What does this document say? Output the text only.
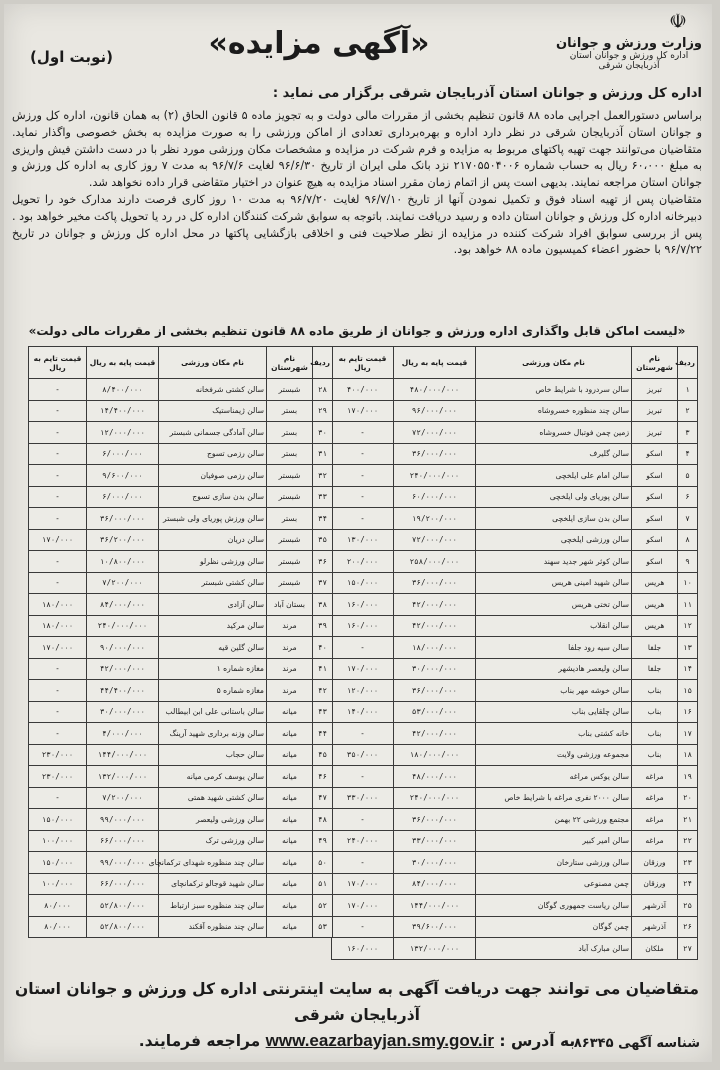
☫
وزارت ورزش و جوانان
اداره کل ورزش و جوانان استان آذربایجان شرقی
«آگهی مزایده»
(نوبت اول)
اداره کل ورزش و جوانان استان آذربایجان شرقی برگزار می نماید :
براساس دستورالعمل اجرایی ماده ۸۸ قانون تنظیم بخشی از مقررات مالی دولت و به تجویز ماده ۵ قانون الحاق (۲) به همان قانون، اداره کل ورزش و جوانان استان آذربایجان شرقی در نظر دارد اداره و بهره‌برداری تعدادی از اماکن ورزشی را به صورت مزایده به بخش خصوصی واگذار نماید. متقاضیان می‌توانند جهت تهیه پاکتهای مربوط به مزایده و فرم شرکت در مزایده و مشخصات مکان ورزشی مورد نظر با در دست داشتن فیش واریزی به مبلغ ۶۰،۰۰۰ ریال به حساب شماره ۲۱۷۰۵۵۰۴۰۰۶ نزد بانک ملی ایران از تاریخ ۹۶/۶/۳۰ لغایت ۹۶/۷/۶ به مدت ۷ روز کاری به اداره کل ورزش و جوانان استان مراجعه نمایند. بدیهی است پس از اتمام زمان مقرر اسناد مزایده به هیچ عنوان در اختیار متقاضی قرار داده نخواهد شد.
متقاضیان پس از تهیه اسناد فوق و تکمیل نمودن آنها از تاریخ ۹۶/۷/۱۰ لغایت ۹۶/۷/۲۰ به مدت ۱۰ روز کاری فرصت دارند مدارک خود را تحویل دبیرخانه اداره کل ورزش و جوانان استان داده و رسید دریافت نمایند. باتوجه به سوابق شرکت کنندگان اداره کل در رد یا تحویل پاکت مخیر خواهد بود . پس از بررسی سوابق افراد شرکت کننده در مزایده از نظر صلاحیت فنی و اخلاقی بازگشایی پاکتها در محل اداره کل ورزش و جوانان در تاریخ ۹۶/۷/۲۲ با حضور اعضاء کمیسیون ماده ۸۸ خواهد بود.
«لیست اماکن قابل واگذاری اداره ورزش و جوانان از طریق ماده ۸۸ قانون تنظیم بخشی از مقررات مالی دولت»
ردیف	نام شهرستان	نام مکان ورزشی	قیمت پایه به ریال	قیمت تایم به ریال
۱	تبریز	سالن سردرود با شرایط خاص	۴۸۰/۰۰۰/۰۰۰	۴۰۰/۰۰۰
۲	تبریز	سالن چند منظوره خسروشاه	۹۶/۰۰۰/۰۰۰	۱۷۰/۰۰۰
۳	تبریز	زمین چمن فوتبال خسروشاه	۷۲/۰۰۰/۰۰۰	-
۴	اسکو	سالن گلیرف	۳۶/۰۰۰/۰۰۰	-
۵	اسکو	سالن امام علی ایلخچی	۲۴۰/۰۰۰/۰۰۰	-
۶	اسکو	سالن پوریای ولی ایلخچی	۶۰/۰۰۰/۰۰۰	-
۷	اسکو	سالن بدن سازی ایلخچی	۱۹/۲۰۰/۰۰۰	-
۸	اسکو	سالن ورزشی ایلخچی	۷۲/۰۰۰/۰۰۰	۱۳۰/۰۰۰
۹	اسکو	سالن کوثر شهر جدید سهند	۲۵۸/۰۰۰/۰۰۰	۲۰۰/۰۰۰
۱۰	هریس	سالن شهید امینی هریس	۳۶/۰۰۰/۰۰۰	۱۵۰/۰۰۰
۱۱	هریس	سالن تختی هریس	۴۲/۰۰۰/۰۰۰	۱۶۰/۰۰۰
۱۲	هریس	سالن انقلاب	۴۲/۰۰۰/۰۰۰	۱۶۰/۰۰۰
۱۳	جلفا	سالن سیه رود جلفا	۱۸/۰۰۰/۰۰۰	-
۱۴	جلفا	سالن ولیعصر هادیشهر	۳۰/۰۰۰/۰۰۰	۱۷۰/۰۰۰
۱۵	بناب	سالن خوشه مهر بناب	۳۶/۰۰۰/۰۰۰	۱۲۰/۰۰۰
۱۶	بناب	سالن چلقایی بناب	۵۳/۰۰۰/۰۰۰	۱۴۰/۰۰۰
۱۷	بناب	خانه کشتی بناب	۴۲/۰۰۰/۰۰۰	-
۱۸	بناب	مجموعه ورزشی ولایت	۱۸۰/۰۰۰/۰۰۰	۳۵۰/۰۰۰
۱۹	مراغه	سالن یوکس مراغه	۴۸/۰۰۰/۰۰۰	-
۲۰	مراغه	سالن ۲۰۰۰ نفری مراغه با شرایط خاص	۲۴۰/۰۰۰/۰۰۰	۳۳۰/۰۰۰
۲۱	مراغه	مجتمع ورزشی ۲۲ بهمن	۳۶/۰۰۰/۰۰۰	-
۲۲	مراغه	سالن امیر کبیر	۳۳/۰۰۰/۰۰۰	۲۴۰/۰۰۰
۲۳	ورزقان	سالن ورزشی ستارخان	۳۰/۰۰۰/۰۰۰	-
۲۴	ورزقان	چمن مصنوعی	۸۴/۰۰۰/۰۰۰	۱۷۰/۰۰۰
۲۵	آذرشهر	سالن ریاست جمهوری گوگان	۱۴۴/۰۰۰/۰۰۰	۱۷۰/۰۰۰
۲۶	آذرشهر	چمن گوگان	۳۹/۶۰۰/۰۰۰	-
۲۷	ملکان	سالن مبارک آباد	۱۳۲/۰۰۰/۰۰۰	۱۶۰/۰۰۰
ردیف	نام شهرستان	نام مکان ورزشی	قیمت پایه به ریال	قیمت تایم به ریال
۲۸	شبستر	سالن کشتی شرفخانه	۸/۴۰۰/۰۰۰	-
۲۹	بستر	سالن ژیمناستیک	۱۴/۴۰۰/۰۰۰	-
۳۰	بستر	سالن آمادگی جسمانی شبستر	۱۲/۰۰۰/۰۰۰	-
۳۱	بستر	سالن رزمی تسوج	۶/۰۰۰/۰۰۰	-
۳۲	شبستر	سالن رزمی صوفیان	۹/۶۰۰/۰۰۰	-
۳۳	شبستر	سالن بدن سازی تسوج	۶/۰۰۰/۰۰۰	-
۳۴	بستر	سالن ورزش پوریای ولی شبستر	۳۶/۰۰۰/۰۰۰	-
۳۵	شبستر	سالن دریان	۳۶/۲۰۰/۰۰۰	۱۷۰/۰۰۰
۳۶	شبستر	سالن ورزشی نظرلو	۱۰/۸۰۰/۰۰۰	-
۳۷	شبستر	سالن کشتی شبستر	۷/۲۰۰/۰۰۰	-
۳۸	بستان آباد	سالن آزادی	۸۴/۰۰۰/۰۰۰	۱۸۰/۰۰۰
۳۹	مرند	سالن مرکید	۲۴۰/۰۰۰/۰۰۰	۱۸۰/۰۰۰
۴۰	مرند	سالن گلین قیه	۹۰/۰۰۰/۰۰۰	۱۷۰/۰۰۰
۴۱	مرند	مغازه شماره ۱	۴۲/۰۰۰/۰۰۰	-
۴۲	مرند	مغازه شماره ۵	۴۴/۴۰۰/۰۰۰	-
۴۳	میانه	سالن باستانی علی ابن ابیطالب	۳۰/۰۰۰/۰۰۰	-
۴۴	میانه	سالن وزنه برداری شهید آرینگ	۴/۰۰۰/۰۰۰	-
۴۵	میانه	سالن حجاب	۱۴۴/۰۰۰/۰۰۰	۲۳۰/۰۰۰
۴۶	میانه	سالن یوسف کرمی میانه	۱۳۲/۰۰۰/۰۰۰	۲۳۰/۰۰۰
۴۷	میانه	سالن کشتی شهید همتی	۷/۲۰۰/۰۰۰	-
۴۸	میانه	سالن ورزشی ولیعصر	۹۹/۰۰۰/۰۰۰	۱۵۰/۰۰۰
۴۹	میانه	سالن ورزشی ترک	۶۶/۰۰۰/۰۰۰	۱۰۰/۰۰۰
۵۰	میانه	سالن چند منظوره شهدای ترکمانچای	۹۹/۰۰۰/۰۰۰	۱۵۰/۰۰۰
۵۱	میانه	سالن شهید قوجالو ترکمانچای	۶۶/۰۰۰/۰۰۰	۱۰۰/۰۰۰
۵۲	میانه	سالن چند منظوره سبز ارتباط	۵۲/۸۰۰/۰۰۰	۸۰/۰۰۰
۵۳	میانه	سالن چند منظوره آقکند	۵۲/۸۰۰/۰۰۰	۸۰/۰۰۰
متقاضیان می توانند جهت دریافت آگهی به سایت اینترنتی اداره کل ورزش و جوانان استان آذربایجان شرقی
به آدرس : www.eazarbayjan.smy.gov.ir مراجعه فرمایند.	شناسه آگهی ۸۶۳۴۵
